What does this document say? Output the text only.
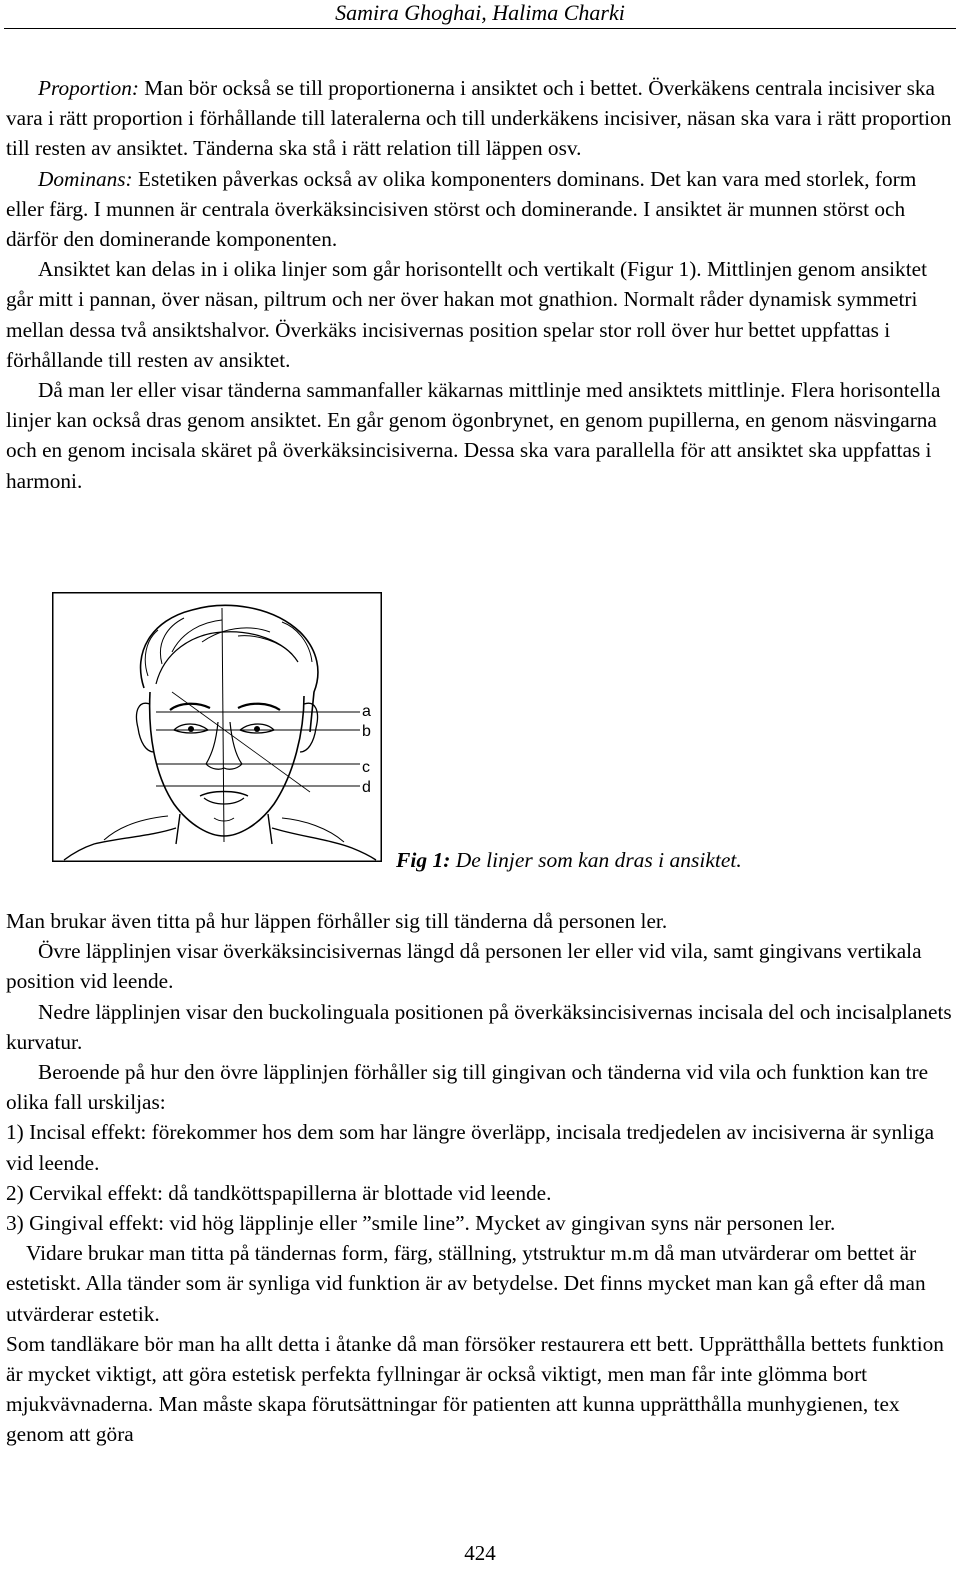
Samira Ghoghai, Halima Charki

Proportion: Man bör också se till proportionerna i ansiktet och i bettet. Överkäkens centrala incisiver ska vara i rätt proportion i förhållande till lateralerna och till underkäkens incisiver, näsan ska vara i rätt proportion till resten av ansiktet. Tänderna ska stå i rätt relation till läppen osv.

Dominans: Estetiken påverkas också av olika komponenters dominans. Det kan vara med storlek, form eller färg. I munnen är centrala överkäksincisiven störst och dominerande. I ansiktet är munnen störst och därför den dominerande komponenten.

Ansiktet kan delas in i olika linjer som går horisontellt och vertikalt (Figur 1). Mittlinjen genom ansiktet går mitt i pannan, över näsan, piltrum och ner över hakan mot gnathion. Normalt råder dynamisk symmetri mellan dessa två ansiktshalvor. Överkäks incisivernas position spelar stor roll över hur bettet uppfattas i förhållande till resten av ansiktet.

Då man ler eller visar tänderna sammanfaller käkarnas mittlinje med ansiktets mittlinje. Flera horisontella linjer kan också dras genom ansiktet. En går genom ögonbrynet, en genom pupillerna, en genom näsvingarna och en genom incisala skäret på överkäksincisiverna. Dessa ska vara parallella för att ansiktet ska uppfattas i harmoni.

a
b
c
d
Fig 1: De linjer som kan dras i ansiktet.

Man brukar även titta på hur läppen förhåller sig till tänderna då personen ler.

Övre läpplinjen visar överkäksincisivernas längd då personen ler eller vid vila, samt gingivans vertikala position vid leende.

Nedre läpplinjen visar den buckolinguala positionen på överkäksincisivernas incisala del och incisalplanets kurvatur.

Beroende på hur den övre läpplinjen förhåller sig till gingivan och tänderna vid vila och funktion kan tre olika fall urskiljas:

1) Incisal effekt: förekommer hos dem som har längre överläpp, incisala tredjedelen av incisiverna är synliga vid leende.

2) Cervikal effekt: då tandköttspapillerna är blottade vid leende.

3) Gingival effekt: vid hög läpplinje eller ”smile line”. Mycket av gingivan syns när personen ler.

Vidare brukar man titta på tändernas form, färg, ställning, ytstruktur m.m då man utvärderar om bettet är estetiskt. Alla tänder som är synliga vid funktion är av betydelse. Det finns mycket man kan gå efter då man utvärderar estetik.

Som tandläkare bör man ha allt detta i åtanke då man försöker restaurera ett bett. Upprätthålla bettets funktion är mycket viktigt, att göra estetisk perfekta fyllningar är också viktigt, men man får inte glömma bort mjukvävnaderna. Man måste skapa förutsättningar för patienten att kunna upprätthålla munhygienen, tex genom att göra

424
